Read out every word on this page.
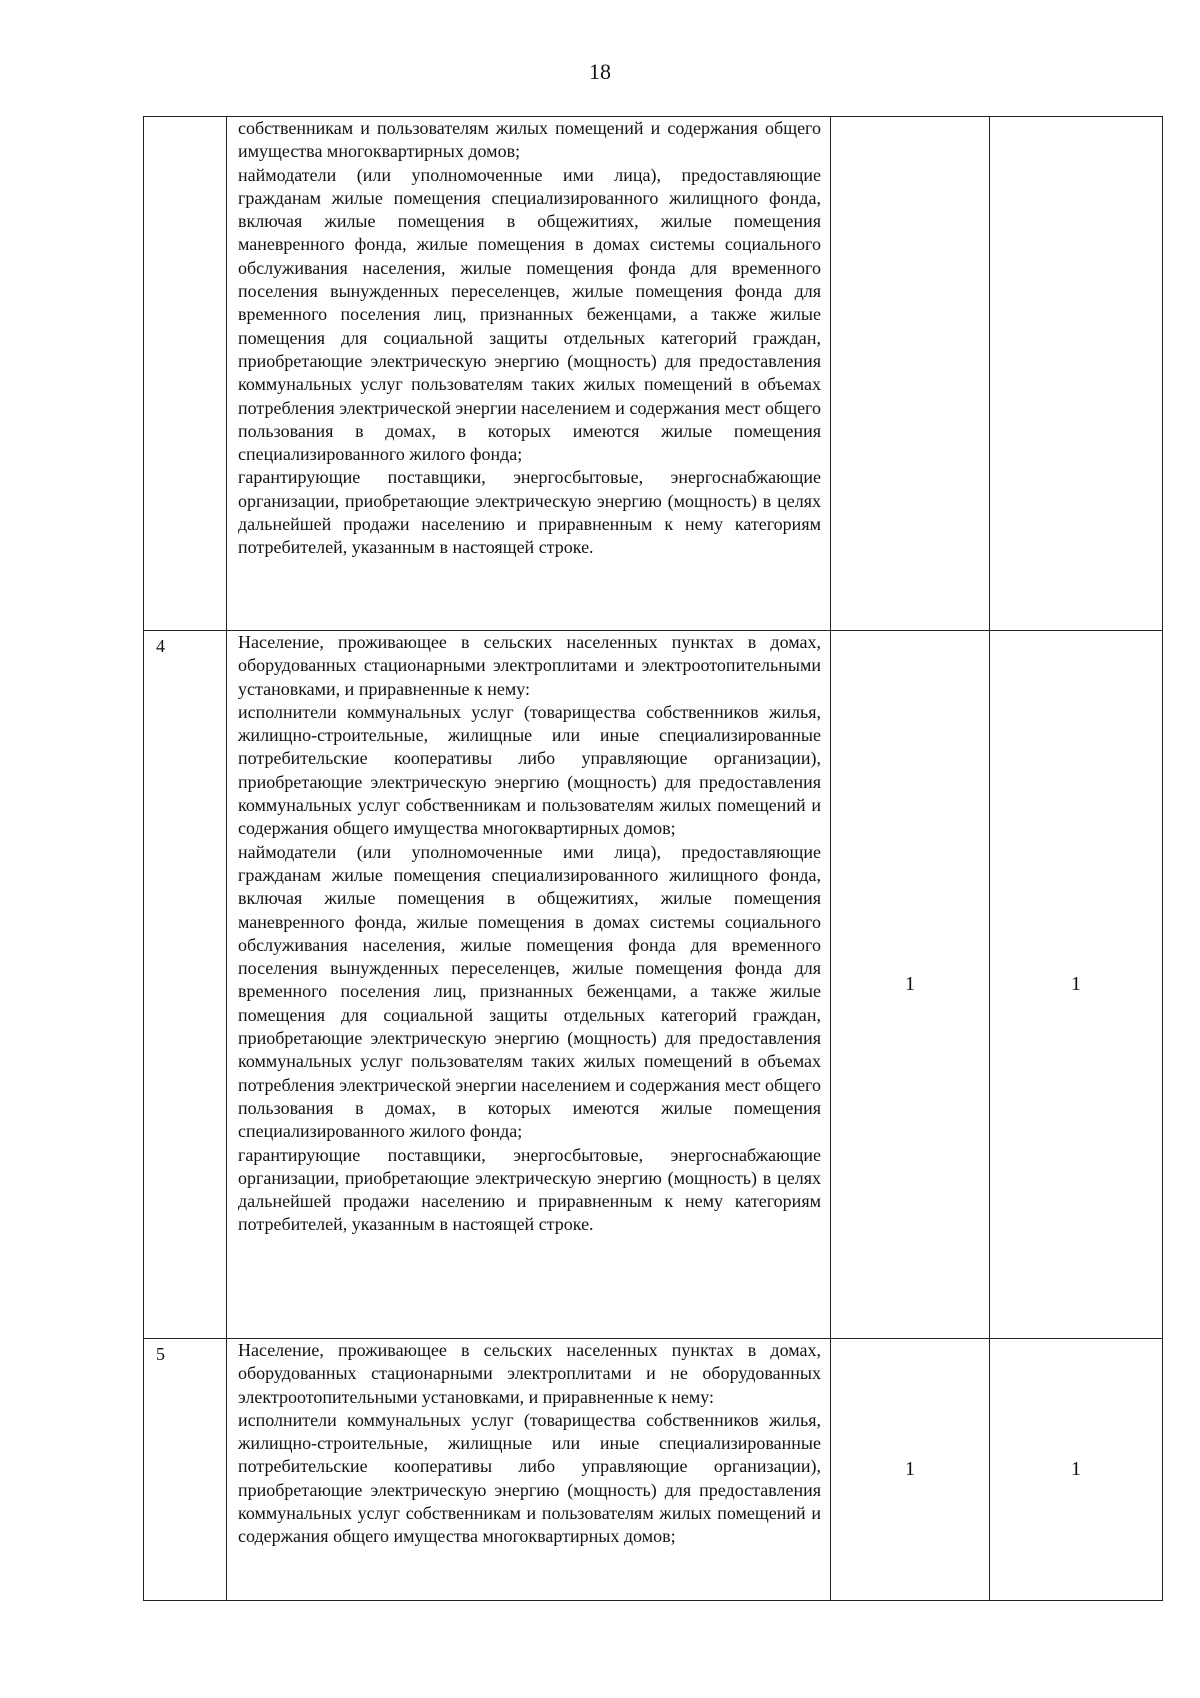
18

	собственникам и пользователям жилых помещений и содержания общего имущества многоквартирных домов;
наймодатели (или уполномоченные ими лица), предоставляющие гражданам жилые помещения специализированного жилищного фонда, включая жилые помещения в общежитиях, жилые помещения маневренного фонда, жилые помещения в домах системы социального обслуживания населения, жилые помещения фонда для временного поселения вынужденных переселенцев, жилые помещения фонда для временного поселения лиц, признанных беженцами, а также жилые помещения для социальной защиты отдельных категорий граждан, приобретающие электрическую энергию (мощность) для предоставления коммунальных услуг пользователям таких жилых помещений в объемах потребления электрической энергии населением и содержания мест общего пользования в домах, в которых имеются жилые помещения специализированного жилого фонда;
гарантирующие поставщики, энергосбытовые, энергоснабжающие организации, приобретающие электрическую энергию (мощность) в целях дальнейшей продажи населению и приравненным к нему категориям потребителей, указанным в настоящей строке.		

4	Население, проживающее в сельских населенных пунктах в домах, оборудованных стационарными электроплитами и электроотопительными установками, и приравненные к нему:
исполнители коммунальных услуг (товарищества собственников жилья, жилищно-строительные, жилищные или иные специализированные потребительские кооперативы либо управляющие организации), приобретающие электрическую энергию (мощность) для предоставления коммунальных услуг собственникам и пользователям жилых помещений и содержания общего имущества многоквартирных домов;
наймодатели (или уполномоченные ими лица), предоставляющие гражданам жилые помещения специализированного жилищного фонда, включая жилые помещения в общежитиях, жилые помещения маневренного фонда, жилые помещения в домах системы социального обслуживания населения, жилые помещения фонда для временного поселения вынужденных переселенцев, жилые помещения фонда для временного поселения лиц, признанных беженцами, а также жилые помещения для социальной защиты отдельных категорий граждан, приобретающие электрическую энергию (мощность) для предоставления коммунальных услуг пользователям таких жилых помещений в объемах потребления электрической энергии населением и содержания мест общего пользования в домах, в которых имеются жилые помещения специализированного жилого фонда;
гарантирующие поставщики, энергосбытовые, энергоснабжающие организации, приобретающие электрическую энергию (мощность) в целях дальнейшей продажи населению и приравненным к нему категориям потребителей, указанным в настоящей строке.	1	1
5	Население, проживающее в сельских населенных пунктах в домах, оборудованных стационарными электроплитами и не оборудованных электроотопительными установками, и приравненные к нему:
исполнители коммунальных услуг (товарищества собственников жилья, жилищно-строительные, жилищные или иные специализированные потребительские кооперативы либо управляющие организации), приобретающие электрическую энергию (мощность) для предоставления коммунальных услуг собственникам и пользователям жилых помещений и содержания общего имущества многоквартирных домов;	1	1
